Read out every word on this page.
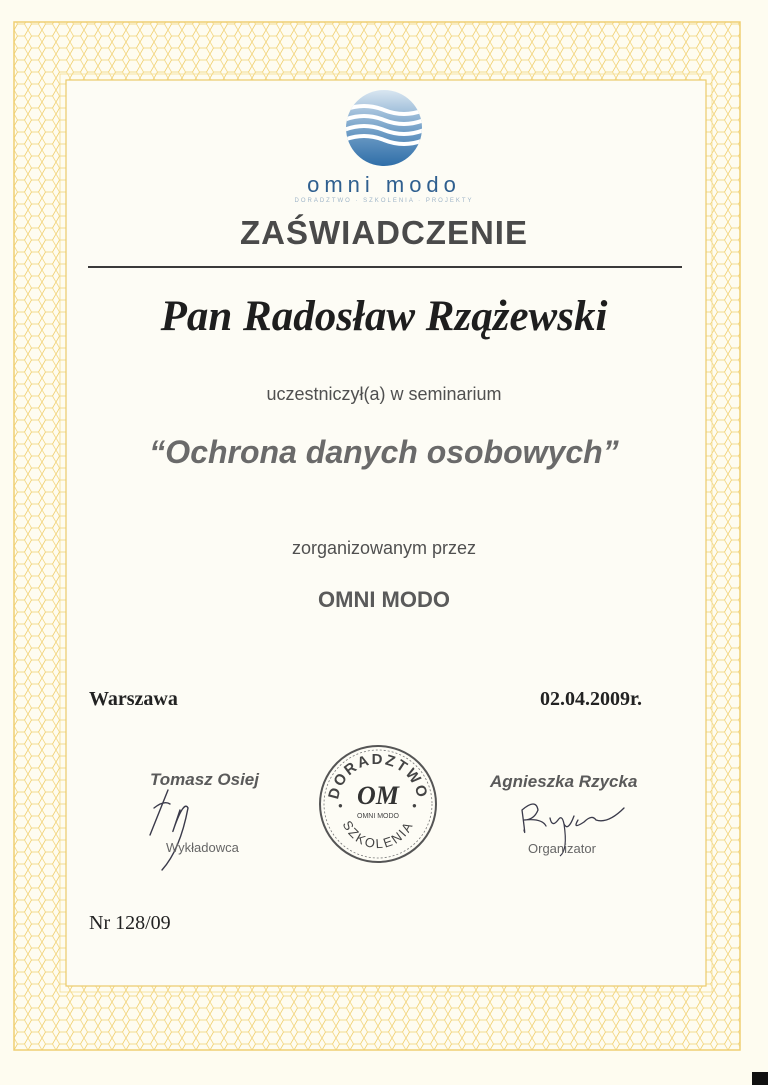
omni modo
DORADZTWO · SZKOLENIA · PROJEKTY
ZAŚWIADCZENIE
Pan Radosław Rzążewski
uczestniczył(a) w seminarium
“Ochrona danych osobowych”
zorganizowanym przez
OMNI MODO
Warszawa	02.04.2009r.
Tomasz Osiej
Wykładowca
DORADZTWO
SZKOLENIA
OM
OMNI MODO
●	●
Agnieszka Rzycka
Organizator
Nr 128/09
